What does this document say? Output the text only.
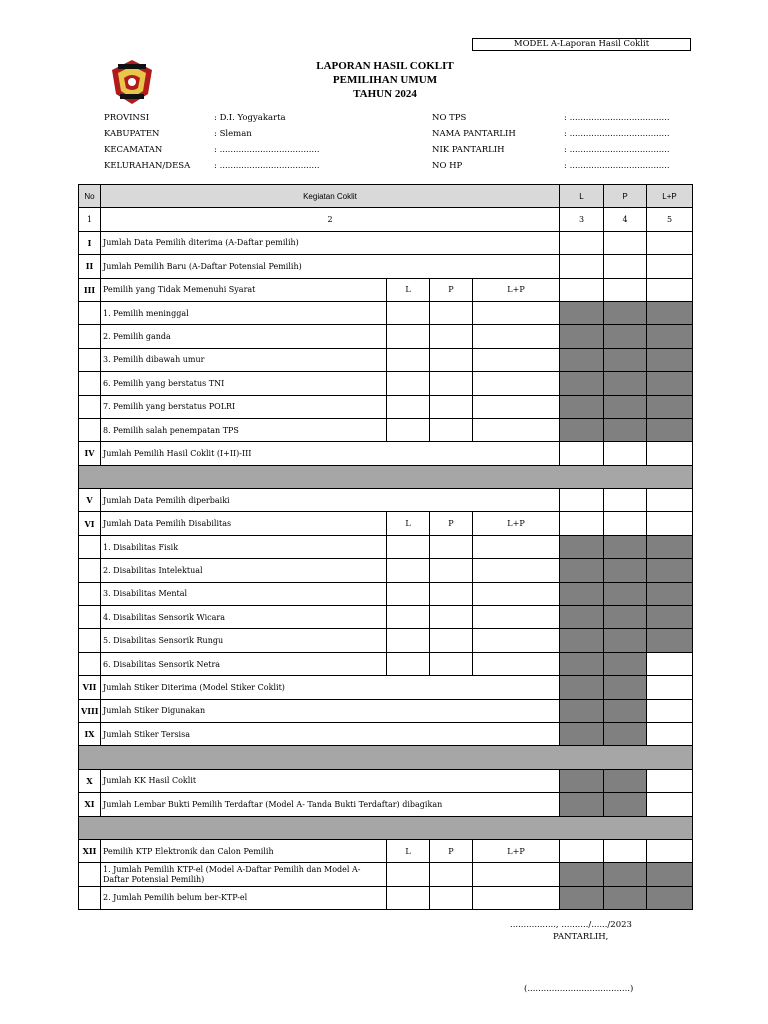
MODEL A-Laporan Hasil Coklit
LAPORAN HASIL COKLIT
PEMILIHAN UMUM
TAHUN 2024
PROVINSI	: D.I. Yogyakarta
KABUPATEN	: Sleman
KECAMATAN	: .....................................
KELURAHAN/DESA	: .....................................
NO TPS	: .....................................
NAMA PANTARLIH	: .....................................
NIK PANTARLIH	: .....................................
NO HP	: .....................................
No	Kegiatan Coklit				L	P	L+P
1	2				3	4	5
I	Jumlah Data Pemilih diterima (A-Daftar pemilih)						
II	Jumlah Pemilih Baru (A-Daftar Potensial Pemilih)						
III	Pemilih yang Tidak Memenuhi Syarat	L	P	L+P			
	1. Pemilih meninggal						
	2. Pemilih ganda						
	3. Pemilih dibawah umur						
	6. Pemilih yang berstatus TNI						
	7. Pemilih yang berstatus POLRI						
	8. Pemilih salah penempatan TPS						
IV	Jumlah Pemilih Hasil Coklit (I+II)-III						

V	Jumlah Data Pemilih diperbaiki						
VI	Jumlah Data Pemilih Disabilitas	L	P	L+P			
	1. Disabilitas Fisik						
	2. Disabilitas Intelektual						
	3. Disabilitas Mental						
	4. Disabilitas Sensorik Wicara						
	5. Disabilitas Sensorik Rungu						
	6. Disabilitas Sensorik Netra						
VII	Jumlah Stiker Diterima (Model Stiker Coklit)						
VIII	Jumlah Stiker Digunakan						
IX	Jumlah Stiker Tersisa						

X	Jumlah KK Hasil Coklit						
XI	Jumlah Lembar Bukti Pemilih Terdaftar (Model A- Tanda Bukti Terdaftar) dibagikan						

XII	Pemilih KTP Elektronik dan Calon Pemilih	L	P	L+P			
	1. Jumlah Pemilih KTP-el (Model A-Daftar Pemilih dan Model A-Daftar Potensial Pemilih)						
	2. Jumlah Pemilih belum ber-KTP-el						
................., ........../....../2023
PANTARLIH,
(......................................)
